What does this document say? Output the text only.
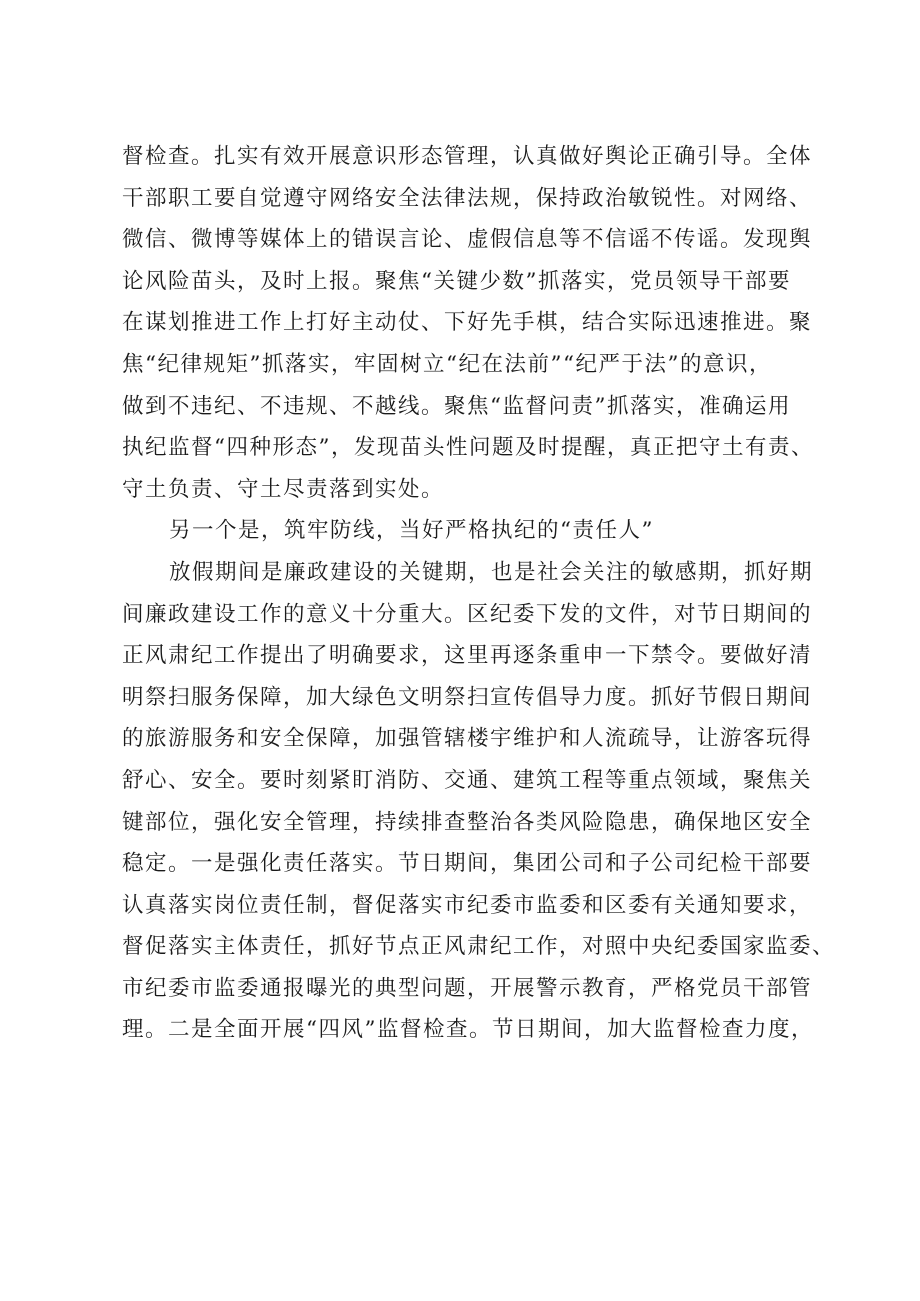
督检查。扎实有效开展意识形态管理，认真做好舆论正确引导。全体
干部职工要自觉遵守网络安全法律法规，保持政治敏锐性。对网络、
微信、微博等媒体上的错误言论、虚假信息等不信谣不传谣。发现舆
论风险苗头，及时上报。聚焦“关键少数”抓落实，党员领导干部要
在谋划推进工作上打好主动仗、下好先手棋，结合实际迅速推进。聚
焦“纪律规矩”抓落实，牢固树立“纪在法前”“纪严于法”的意识，
做到不违纪、不违规、不越线。聚焦“监督问责”抓落实，准确运用
执纪监督“四种形态”，发现苗头性问题及时提醒，真正把守土有责、
守土负责、守土尽责落到实处。
另一个是，筑牢防线，当好严格执纪的“责任人”
放假期间是廉政建设的关键期，也是社会关注的敏感期，抓好期
间廉政建设工作的意义十分重大。区纪委下发的文件，对节日期间的
正风肃纪工作提出了明确要求，这里再逐条重申一下禁令。要做好清
明祭扫服务保障，加大绿色文明祭扫宣传倡导力度。抓好节假日期间
的旅游服务和安全保障，加强管辖楼宇维护和人流疏导，让游客玩得
舒心、安全。要时刻紧盯消防、交通、建筑工程等重点领域，聚焦关
键部位，强化安全管理，持续排查整治各类风险隐患，确保地区安全
稳定。一是强化责任落实。节日期间，集团公司和子公司纪检干部要
认真落实岗位责任制，督促落实市纪委市监委和区委有关通知要求，
督促落实主体责任，抓好节点正风肃纪工作，对照中央纪委国家监委、
市纪委市监委通报曝光的典型问题，开展警示教育，严格党员干部管
理。二是全面开展“四风”监督检查。节日期间，加大监督检查力度，
